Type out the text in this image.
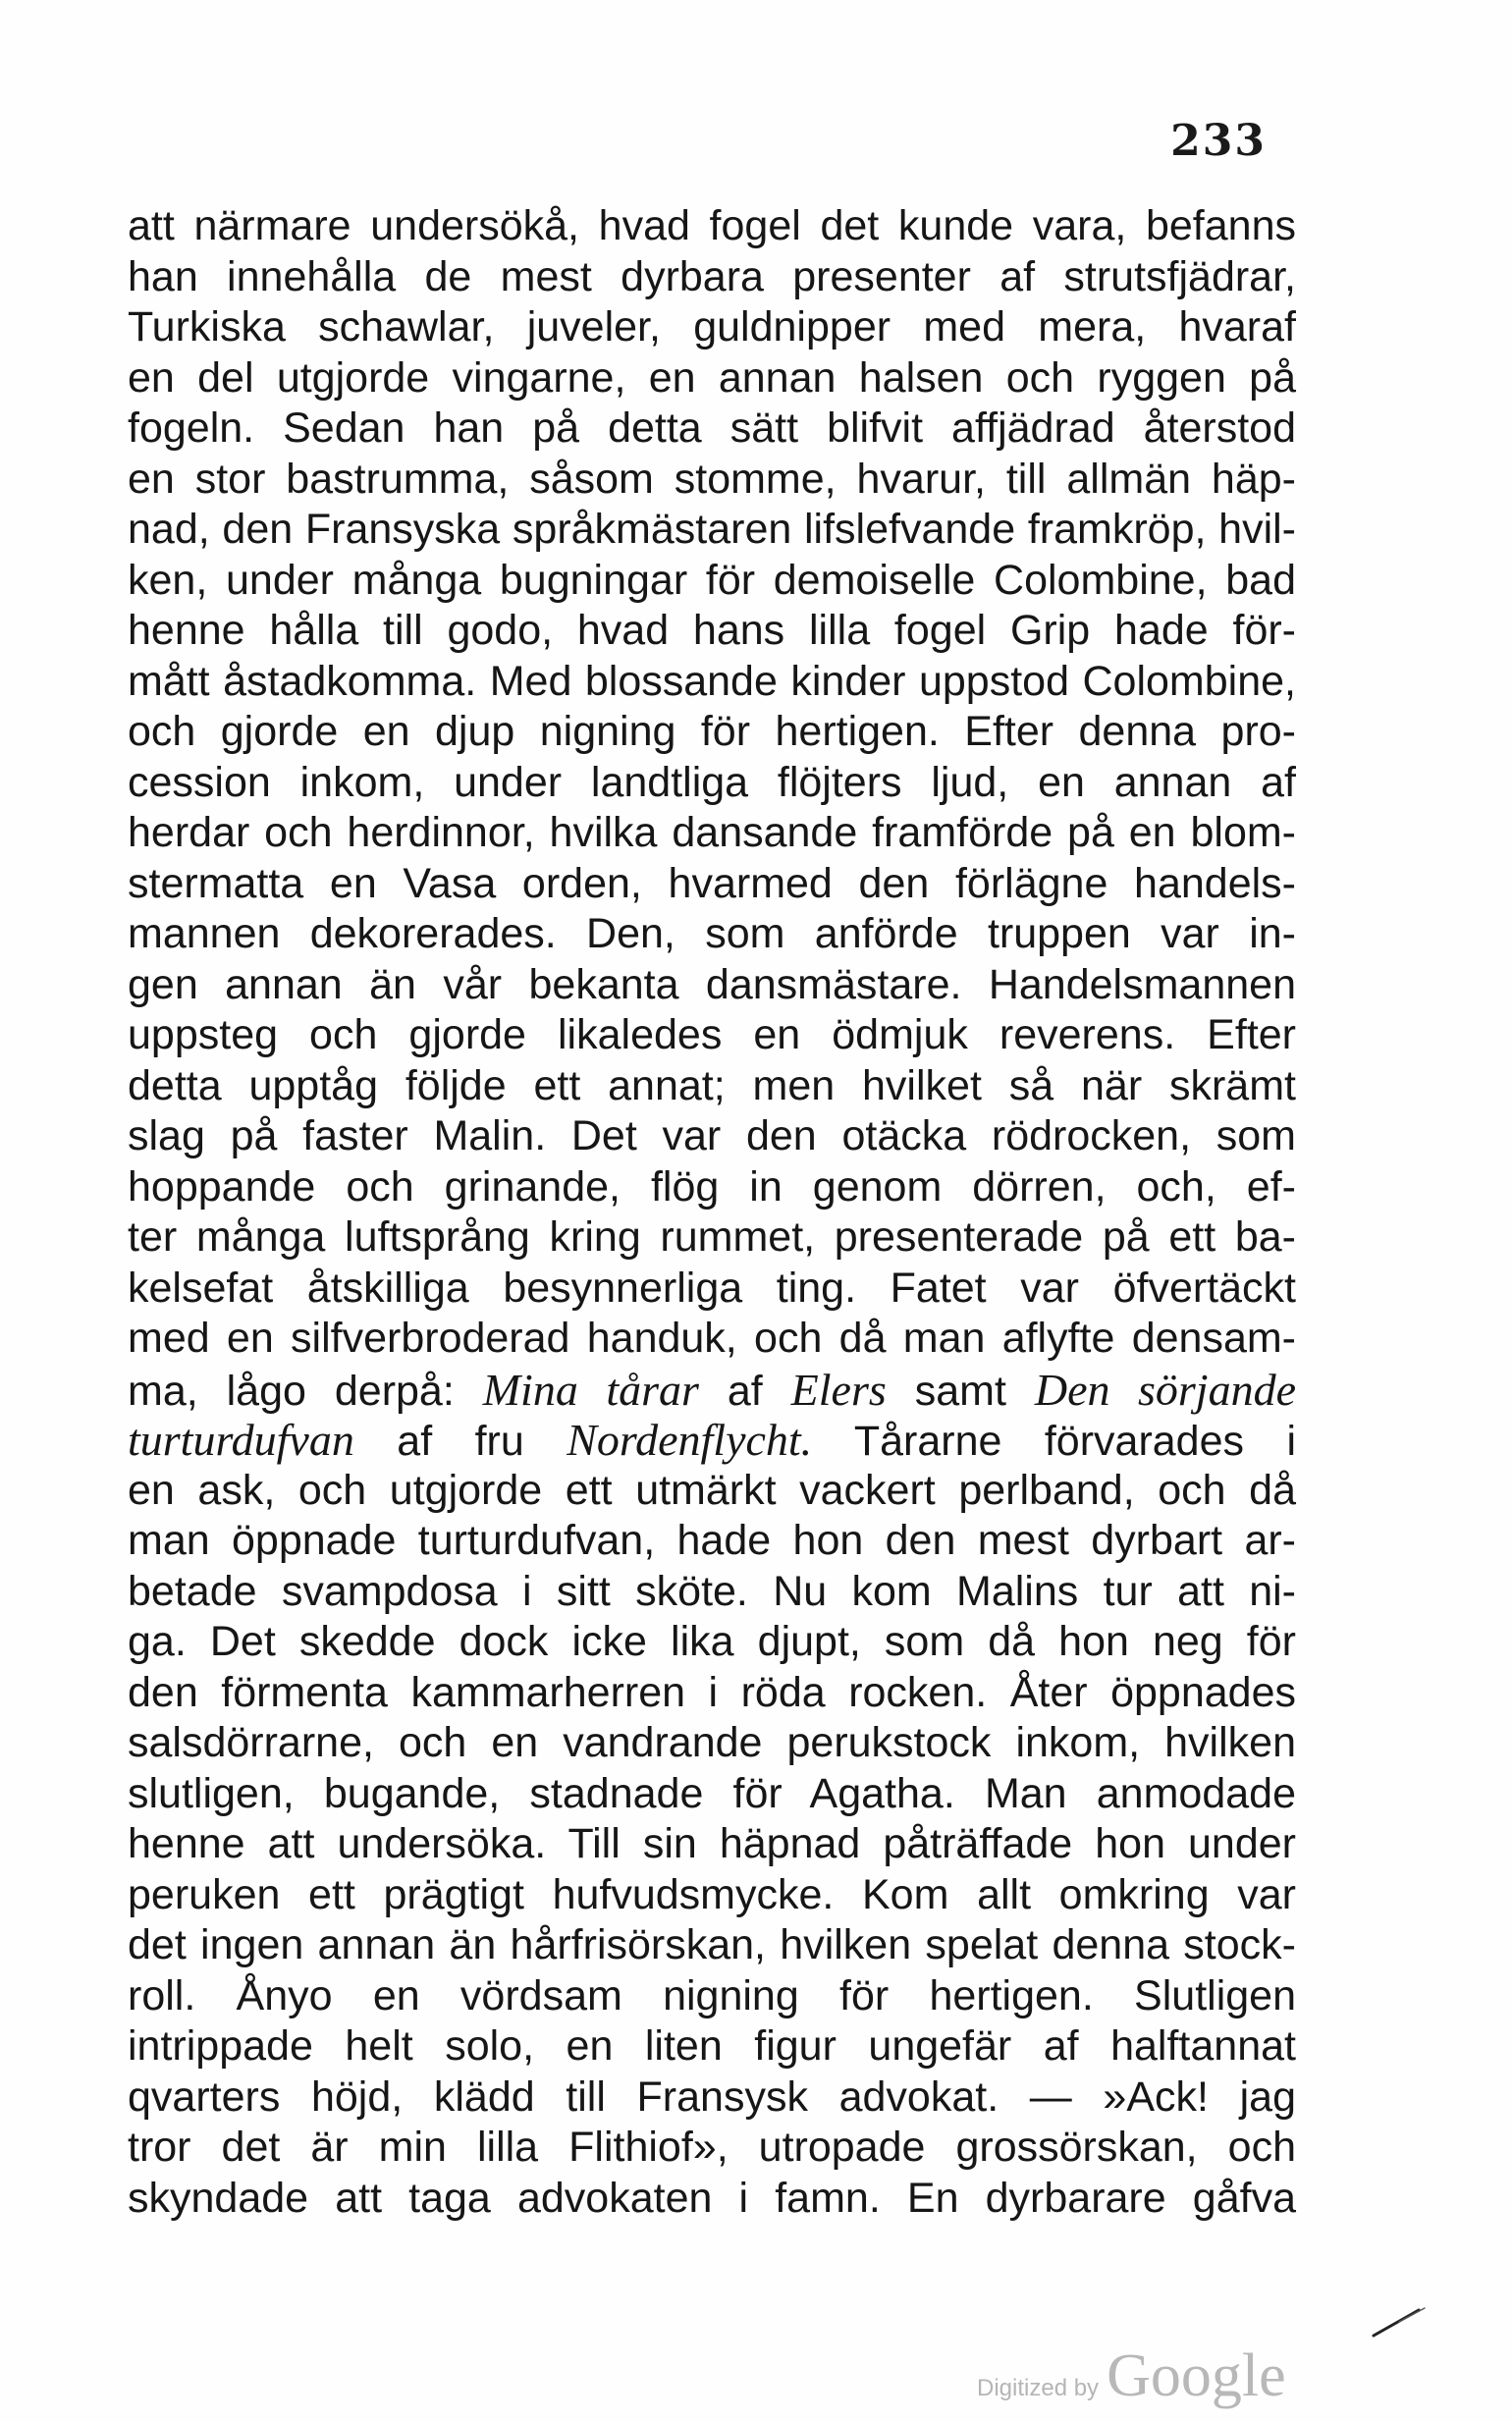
233
att närmare undersökå, hvad fogel det kunde vara, befanns
han innehålla de mest dyrbara presenter af strutsfjädrar,
Turkiska schawlar, juveler, guldnipper med mera, hvaraf
en del utgjorde vingarne, en annan halsen och ryggen på
fogeln. Sedan han på detta sätt blifvit affjädrad återstod
en stor bastrumma, såsom stomme, hvarur, till allmän häp-
nad, den Fransyska språkmästaren lifslefvande framkröp, hvil-
ken, under många bugningar för demoiselle Colombine, bad
henne hålla till godo, hvad hans lilla fogel Grip hade för-
mått åstadkomma. Med blossande kinder uppstod Colombine,
och gjorde en djup nigning för hertigen. Efter denna pro-
cession inkom, under landtliga flöjters ljud, en annan af
herdar och herdinnor, hvilka dansande framförde på en blom-
stermatta en Vasa orden, hvarmed den förlägne handels-
mannen dekorerades. Den, som anförde truppen var in-
gen annan än vår bekanta dansmästare. Handelsmannen
uppsteg och gjorde likaledes en ödmjuk reverens. Efter
detta upptåg följde ett annat; men hvilket så när skrämt
slag på faster Malin. Det var den otäcka rödrocken, som
hoppande och grinande, flög in genom dörren, och, ef-
ter många luftsprång kring rummet, presenterade på ett ba-
kelsefat åtskilliga besynnerliga ting. Fatet var öfvertäckt
med en silfverbroderad handuk, och då man aflyfte densam-
ma, lågo derpå: Mina tårar af Elers samt Den sörjande
turturdufvan af fru Nordenflycht. Tårarne förvarades i
en ask, och utgjorde ett utmärkt vackert perlband, och då
man öppnade turturdufvan, hade hon den mest dyrbart ar-
betade svampdosa i sitt sköte. Nu kom Malins tur att ni-
ga. Det skedde dock icke lika djupt, som då hon neg för
den förmenta kammarherren i röda rocken. Åter öppnades
salsdörrarne, och en vandrande perukstock inkom, hvilken
slutligen, bugande, stadnade för Agatha. Man anmodade
henne att undersöka. Till sin häpnad påträffade hon under
peruken ett prägtigt hufvudsmycke. Kom allt omkring var
det ingen annan än hårfrisörskan, hvilken spelat denna stock-
roll. Ånyo en vördsam nigning för hertigen. Slutligen
intrippade helt solo, en liten figur ungefär af halftannat
qvarters höjd, klädd till Fransysk advokat. — »Ack! jag
tror det är min lilla Flithiof», utropade grossörskan, och
skyndade att taga advokaten i famn. En dyrbarare gåfva
Digitized by Google
